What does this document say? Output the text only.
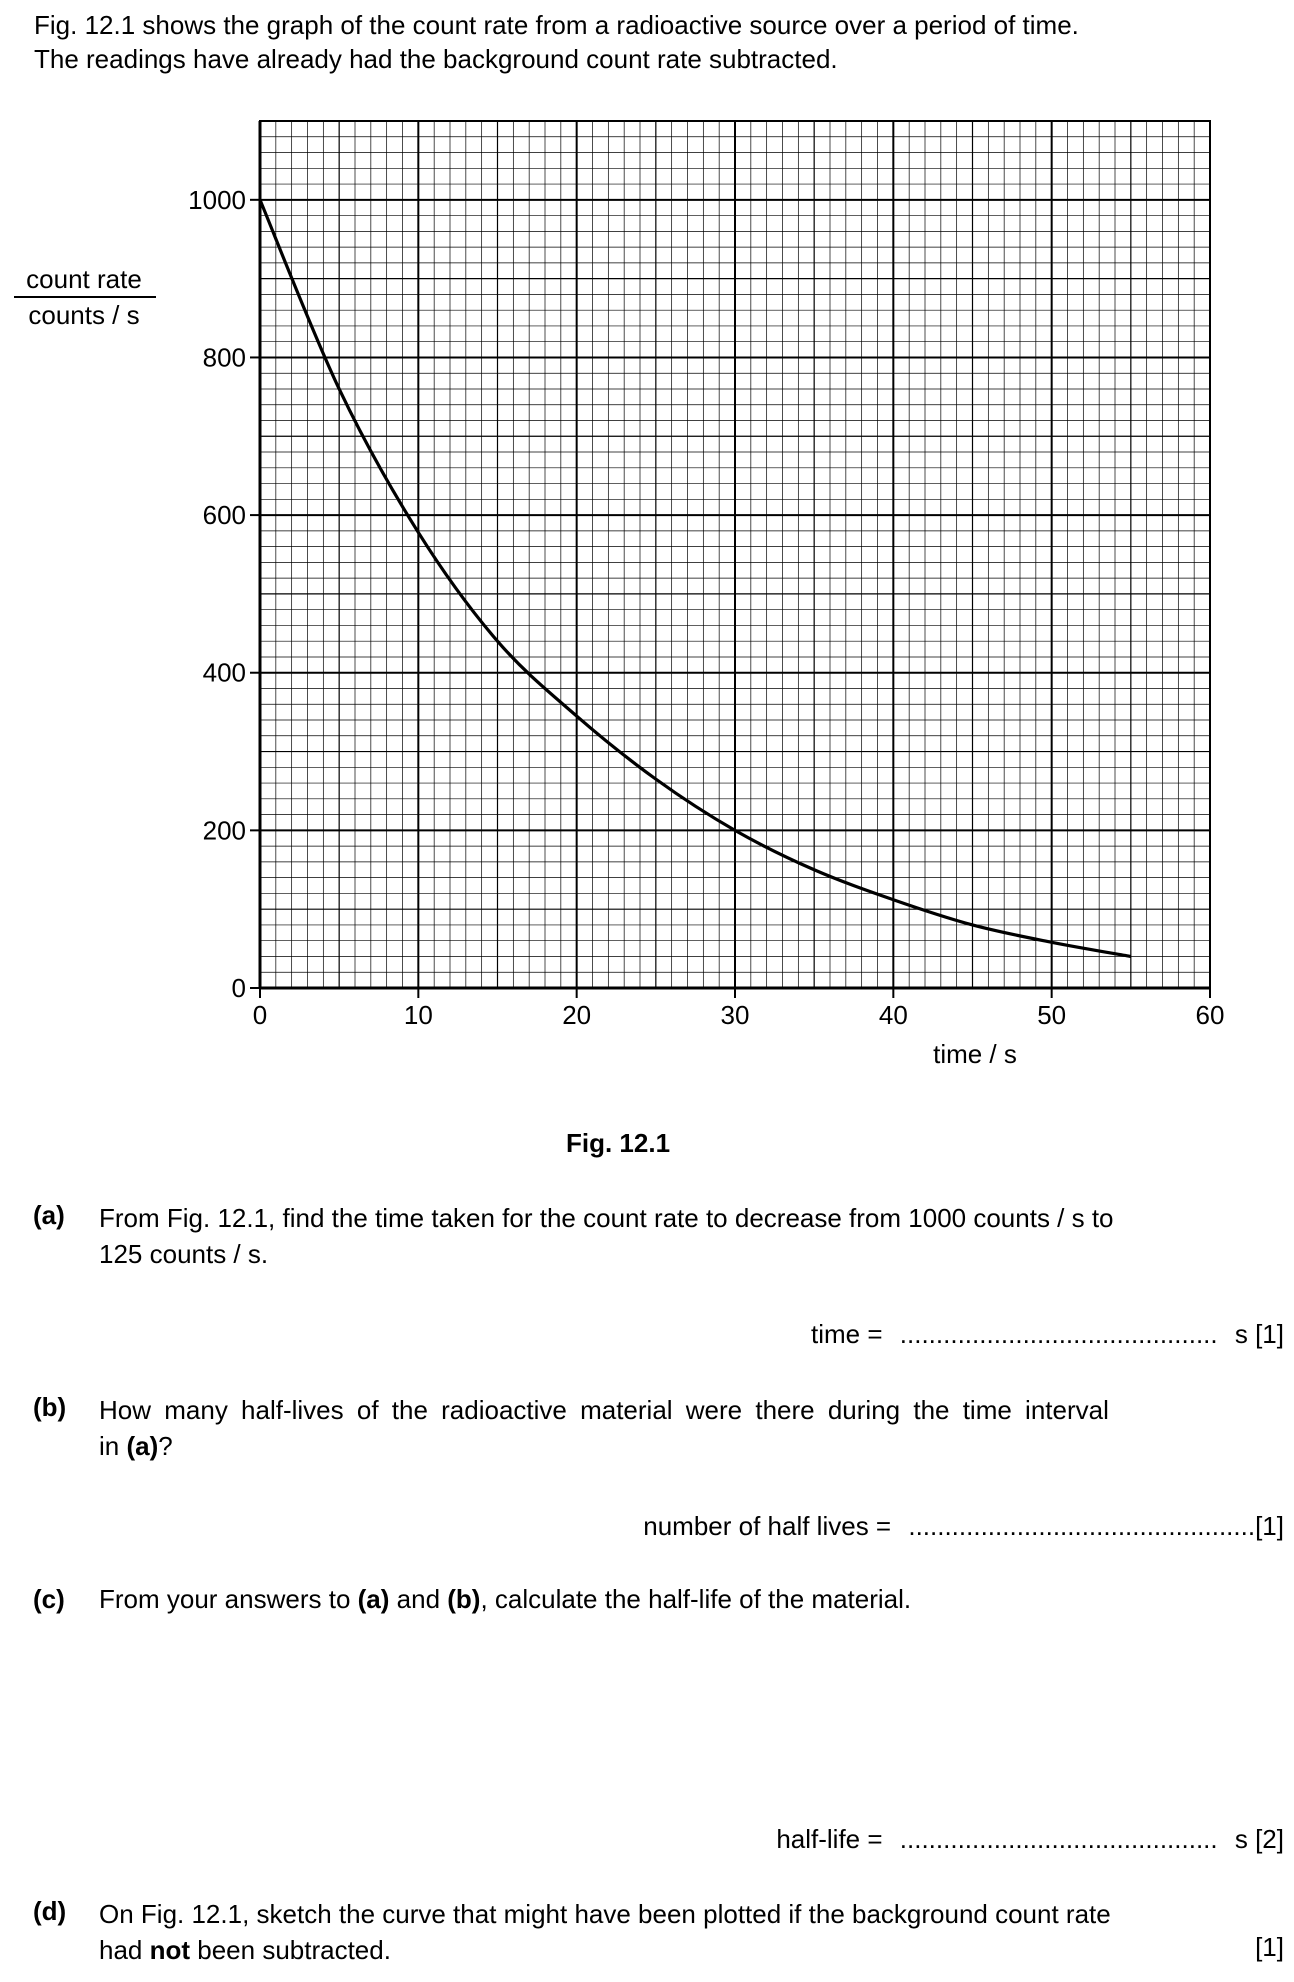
Fig. 12.1 shows the graph of the count rate from a radioactive source over a period of time.
The readings have already had the background count rate subtracted.
0	10	20	30	40	50	60
0
200
400
600
800
1000
count rate
counts / s
time / s
Fig. 12.1
(a) From Fig. 12.1, find the time taken for the count rate to decrease from 1000 counts / s to
125 counts / s.
time = ............................................ s [1]
(b) How many half-lives of the radioactive material were there during the time interval
in (a)?
number of half lives = ................................................[1]
(c) From your answers to (a) and (b), calculate the half-life of the material.
half-life = ............................................ s [2]
(d) On Fig. 12.1, sketch the curve that might have been plotted if the background count rate
had not been subtracted.	[1]
